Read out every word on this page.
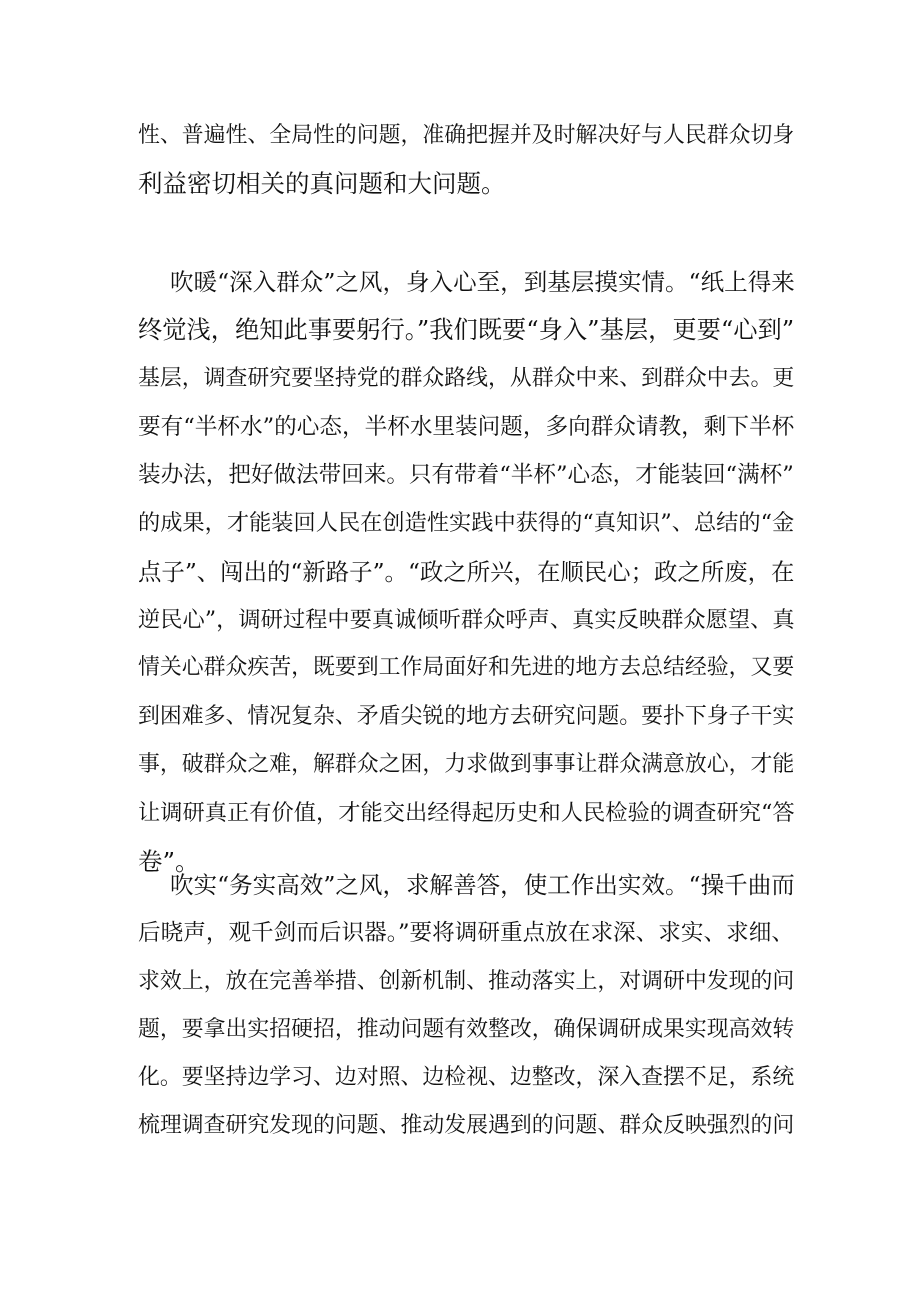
性、普遍性、全局性的问题，准确把握并及时解决好与人民群众切身
利益密切相关的真问题和大问题。
吹暖“深入群众”之风，身入心至，到基层摸实情。“纸上得来
终觉浅，绝知此事要躬行。”我们既要“身入”基层，更要“心到”
基层，调查研究要坚持党的群众路线，从群众中来、到群众中去。更
要有“半杯水”的心态，半杯水里装问题，多向群众请教，剩下半杯
装办法，把好做法带回来。只有带着“半杯”心态，才能装回“满杯”
的成果，才能装回人民在创造性实践中获得的“真知识”、总结的“金
点子”、闯出的“新路子”。“政之所兴，在顺民心；政之所废，在
逆民心”，调研过程中要真诚倾听群众呼声、真实反映群众愿望、真
情关心群众疾苦，既要到工作局面好和先进的地方去总结经验，又要
到困难多、情况复杂、矛盾尖锐的地方去研究问题。要扑下身子干实
事，破群众之难，解群众之困，力求做到事事让群众满意放心，才能
让调研真正有价值，才能交出经得起历史和人民检验的调查研究“答
卷”。
吹实“务实高效”之风，求解善答，使工作出实效。“操千曲而
后晓声，观千剑而后识器。”要将调研重点放在求深、求实、求细、
求效上，放在完善举措、创新机制、推动落实上，对调研中发现的问
题，要拿出实招硬招，推动问题有效整改，确保调研成果实现高效转
化。要坚持边学习、边对照、边检视、边整改，深入查摆不足，系统
梳理调查研究发现的问题、推动发展遇到的问题、群众反映强烈的问
